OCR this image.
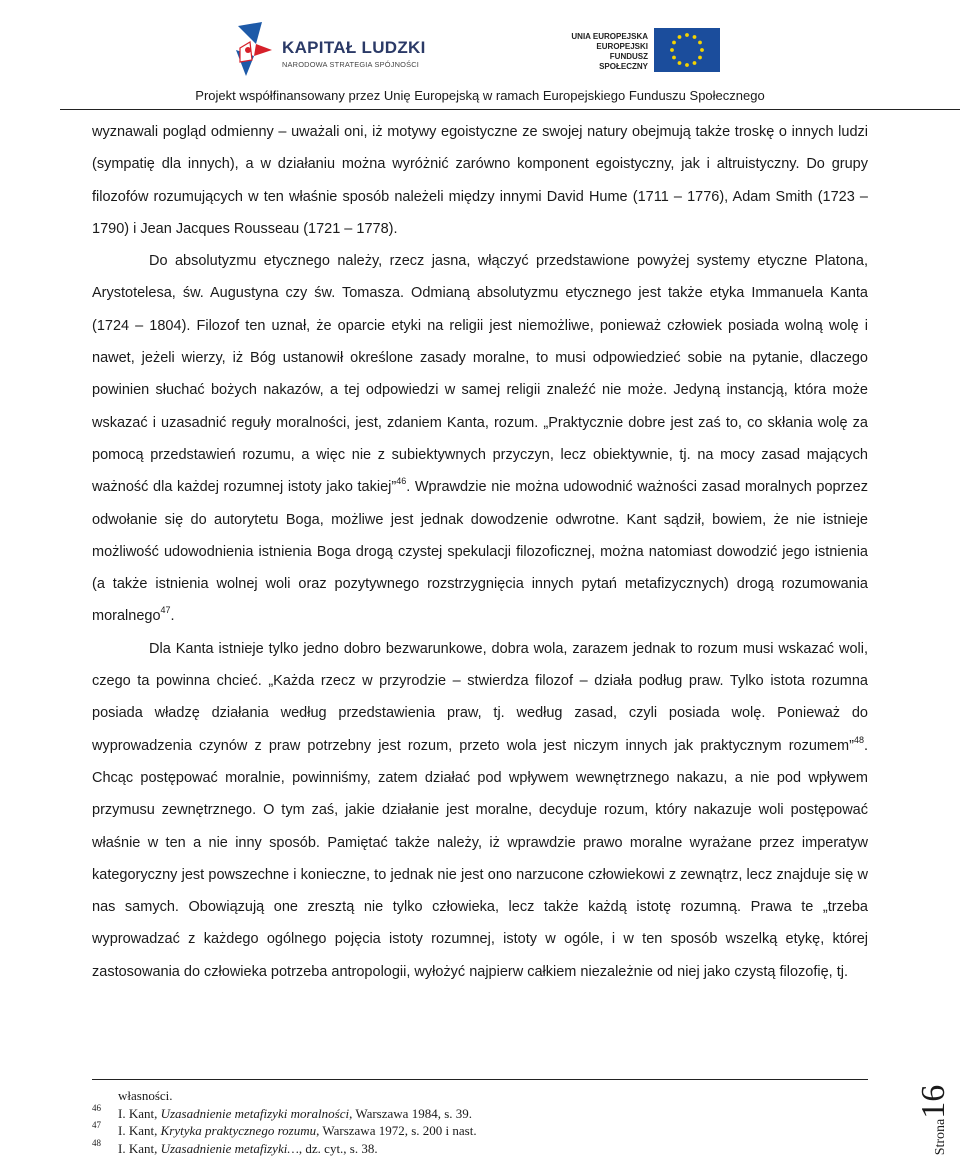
KAPITAŁ LUDZKI
NARODOWA STRATEGIA SPÓJNOŚCI
UNIA EUROPEJSKA
EUROPEJSKI
FUNDUSZ SPOŁECZNY
Projekt współfinansowany przez Unię Europejską w ramach Europejskiego Funduszu Społecznego

wyznawali pogląd odmienny – uważali oni, iż motywy egoistyczne ze swojej natury obejmują także troskę o innych ludzi (sympatię dla innych), a w działaniu można wyróżnić zarówno komponent egoistyczny, jak i altruistyczny. Do grupy filozofów rozumujących w ten właśnie sposób należeli między innymi David Hume (1711 – 1776), Adam Smith (1723 – 1790) i Jean Jacques Rousseau (1721 – 1778).

Do absolutyzmu etycznego należy, rzecz jasna, włączyć przedstawione powyżej systemy etyczne Platona, Arystotelesa, św. Augustyna czy św. Tomasza. Odmianą absolutyzmu etycznego jest także etyka Immanuela Kanta (1724 – 1804). Filozof ten uznał, że oparcie etyki na religii jest niemożliwe, ponieważ człowiek posiada wolną wolę i nawet, jeżeli wierzy, iż Bóg ustanowił określone zasady moralne, to musi odpowiedzieć sobie na pytanie, dlaczego powinien słuchać bożych nakazów, a tej odpowiedzi w samej religii znaleźć nie może. Jedyną instancją, która może wskazać i uzasadnić reguły moralności, jest, zdaniem Kanta, rozum. „Praktycznie dobre jest zaś to, co skłania wolę za pomocą przedstawień rozumu, a więc nie z subiektywnych przyczyn, lecz obiektywnie, tj. na mocy zasad mających ważność dla każdej rozumnej istoty jako takiej”$^{46}$. Wprawdzie nie można udowodnić ważności zasad moralnych poprzez odwołanie się do autorytetu Boga, możliwe jest jednak dowodzenie odwrotne. Kant sądził, bowiem, że nie istnieje możliwość udowodnienia istnienia Boga drogą czystej spekulacji filozoficznej, można natomiast dowodzić jego istnienia (a także istnienia wolnej woli oraz pozytywnego rozstrzygnięcia innych pytań metafizycznych) drogą rozumowania moralnego$^{47}$.

Dla Kanta istnieje tylko jedno dobro bezwarunkowe, dobra wola, zarazem jednak to rozum musi wskazać woli, czego ta powinna chcieć. „Każda rzecz w przyrodzie – stwierdza filozof – działa podług praw. Tylko istota rozumna posiada władzę działania według przedstawienia praw, tj. według zasad, czyli posiada wolę. Ponieważ do wyprowadzenia czynów z praw potrzebny jest rozum, przeto wola jest niczym innych jak praktycznym rozumem”$^{48}$. Chcąc postępować moralnie, powinniśmy, zatem działać pod wpływem wewnętrznego nakazu, a nie pod wpływem przymusu zewnętrznego. O tym zaś, jakie działanie jest moralne, decyduje rozum, który nakazuje woli postępować właśnie w ten a nie inny sposób. Pamiętać także należy, iż wprawdzie prawo moralne wyrażane przez imperatyw kategoryczny jest powszechne i konieczne, to jednak nie jest ono narzucone człowiekowi z zewnątrz, lecz znajduje się w nas samych. Obowiązują one zresztą nie tylko człowieka, lecz także każdą istotę rozumną. Prawa te „trzeba wyprowadzać z każdego ogólnego pojęcia istoty rozumnej, istoty w ogóle, i w ten sposób wszelką etykę, której zastosowania do człowieka potrzeba antropologii, wyłożyć najpierw całkiem niezależnie od niej jako czystą filozofię, tj.

własności.
46 I. Kant, Uzasadnienie metafizyki moralności, Warszawa 1984, s. 39.
47 I. Kant, Krytyka praktycznego rozumu, Warszawa 1972, s. 200 i nast.
48 I. Kant, Uzasadnienie metafizyki…, dz. cyt., s. 38.	Strona16
